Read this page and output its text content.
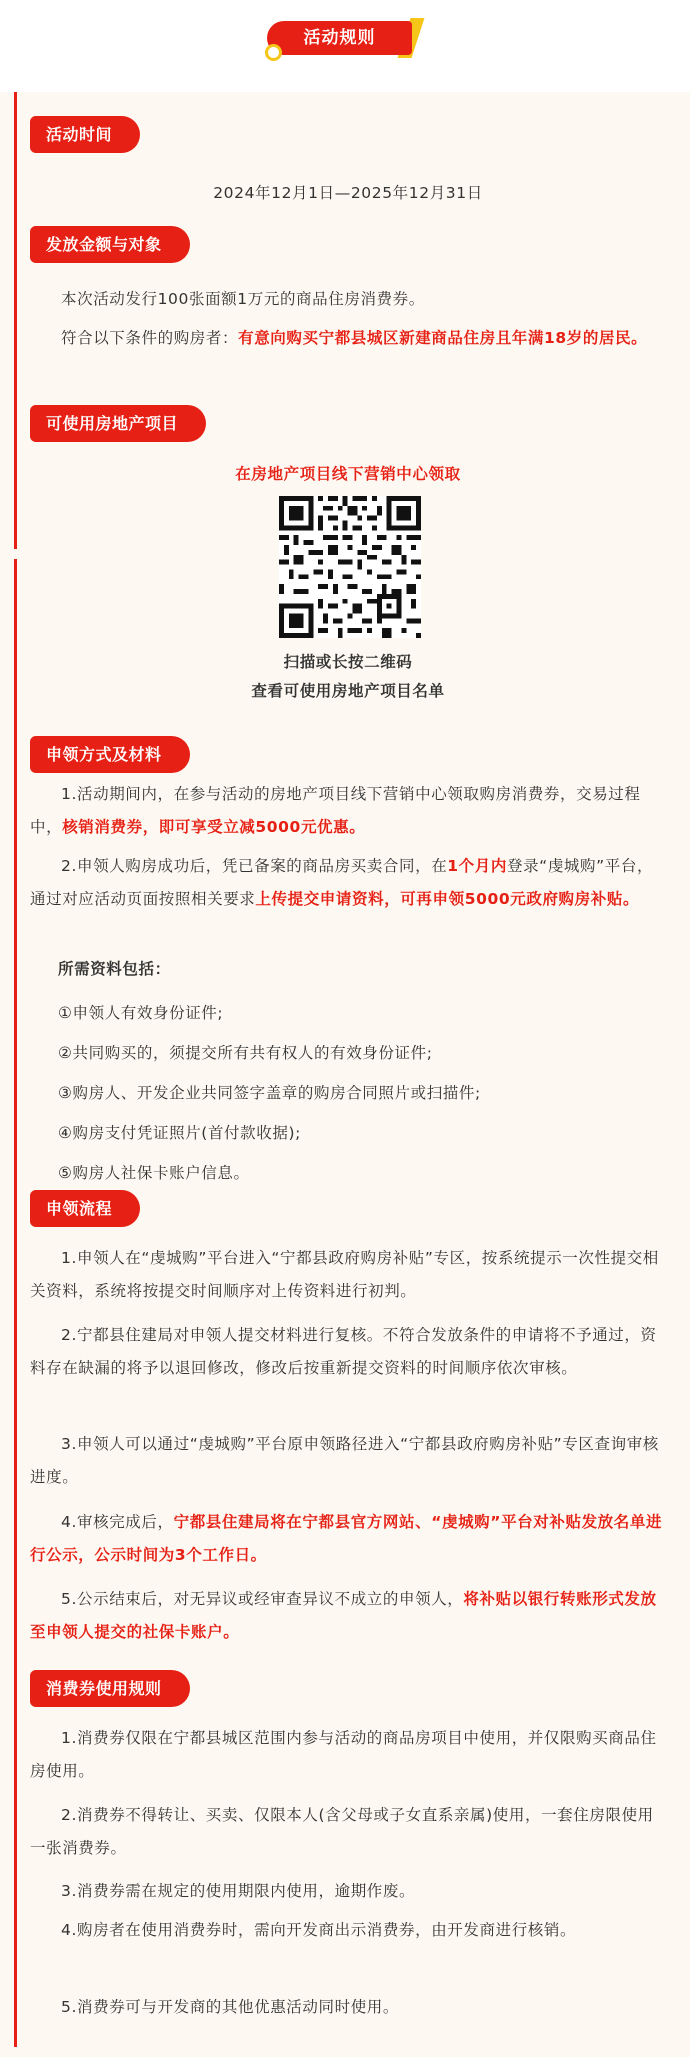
活动规则
活动时间
2024年12月1日—2025年12月31日
发放金额与对象
本次活动发行100张面额1万元的商品住房消费券。
符合以下条件的购房者：有意向购买宁都县城区新建商品住房且年满18岁的居民。
可使用房地产项目
在房地产项目线下营销中心领取
扫描或长按二维码
查看可使用房地产项目名单
申领方式及材料
1.活动期间内，在参与活动的房地产项目线下营销中心领取购房消费券，交易过程中，核销消费券，即可享受立减5000元优惠。
2.申领人购房成功后，凭已备案的商品房买卖合同，在1个月内登录“虔城购”平台，通过对应活动页面按照相关要求上传提交申请资料，可再申领5000元政府购房补贴。
所需资料包括：
①申领人有效身份证件;
②共同购买的，须提交所有共有权人的有效身份证件;
③购房人、开发企业共同签字盖章的购房合同照片或扫描件;
④购房支付凭证照片(首付款收据);
⑤购房人社保卡账户信息。
申领流程
1.申领人在“虔城购”平台进入“宁都县政府购房补贴”专区，按系统提示一次性提交相关资料，系统将按提交时间顺序对上传资料进行初判。
2.宁都县住建局对申领人提交材料进行复核。不符合发放条件的申请将不予通过，资料存在缺漏的将予以退回修改，修改后按重新提交资料的时间顺序依次审核。
3.申领人可以通过“虔城购”平台原申领路径进入“宁都县政府购房补贴”专区查询审核进度。
4.审核完成后，宁都县住建局将在宁都县官方网站、“虔城购”平台对补贴发放名单进行公示，公示时间为3个工作日。
5.公示结束后，对无异议或经审查异议不成立的申领人，将补贴以银行转账形式发放至申领人提交的社保卡账户。
消费券使用规则
1.消费券仅限在宁都县城区范围内参与活动的商品房项目中使用，并仅限购买商品住房使用。
2.消费券不得转让、买卖、仅限本人(含父母或子女直系亲属)使用，一套住房限使用一张消费券。
3.消费券需在规定的使用期限内使用，逾期作废。
4.购房者在使用消费券时，需向开发商出示消费券，由开发商进行核销。
5.消费券可与开发商的其他优惠活动同时使用。
